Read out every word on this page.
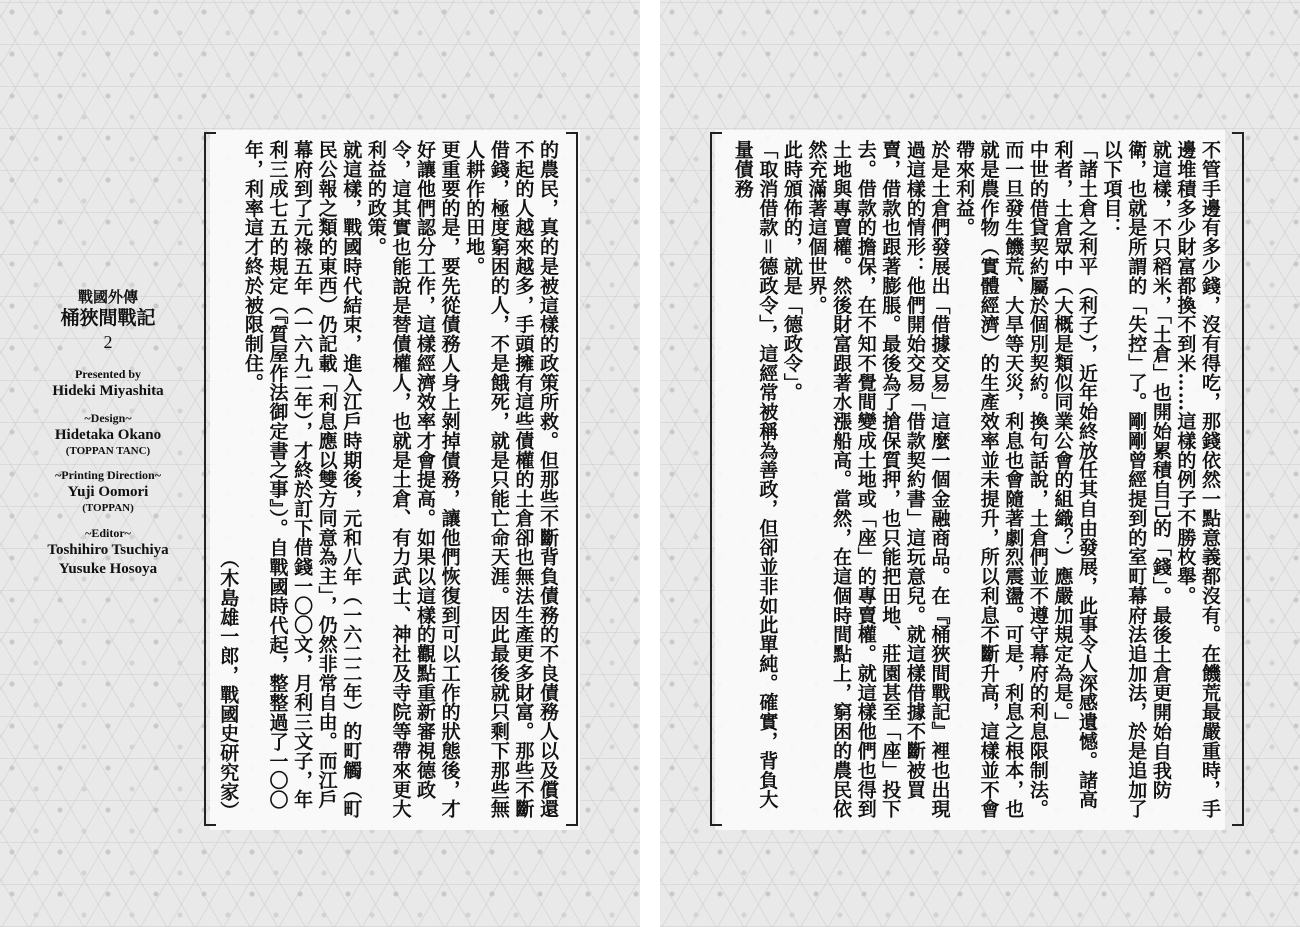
的農民，真的是被這樣的政策所救。但那些不斷背負債務的不良債務人以及償還不起的人越來越多，手頭擁有這些債權的土倉卻也無法生產更多財富。那些不斷借錢，極度窮困的人，不是餓死，就是只能亡命天涯。因此最後就只剩下那些無人耕作的田地。
更重要的是，要先從債務人身上剝掉債務，讓他們恢復到可以工作的狀態後，才好讓他們認分工作，這樣經濟效率才會提高。如果以這樣的觀點重新審視德政令，這其實也能說是替債權人，也就是土倉、有力武士、神社及寺院等帶來更大利益的政策。
就這樣，戰國時代結束，進入江戶時期後，元和八年（一六二二年）的町觸（町民公報之類的東西）仍記載「利息應以雙方同意為主」，仍然非常自由。而江戶幕府到了元祿五年（一六九二年），才終於訂下借錢一〇〇文，月利三文子，年利三成七五的規定（『質屋作法御定書之事』）。自戰國時代起，整整過了一〇〇年，利率這才終於被限制住。
（木島雄一郎，戰國史研究家）
戰國外傳
桶狹間戰記
2
Presented by
Hideki Miyashita
~Design~
Hidetaka Okano
(TOPPAN TANC)
~Printing Direction~
Yuji Oomori
(TOPPAN)
~Editor~
Toshihiro Tsuchiya
Yusuke Hosoya	不管手邊有多少錢，沒有得吃，那錢依然一點意義都沒有。在饑荒最嚴重時，手邊堆積多少財富都換不到米……這樣的例子不勝枚舉。
就這樣，不只稻米，「土倉」也開始累積自己的「錢」。最後土倉更開始自我防衛，也就是所謂的「失控」了。剛剛曾經提到的室町幕府法追加法，於是追加了以下項目：
「諸土倉之利平（利子），近年始終放任其自由發展，此事令人深感遺憾。諸高利者，土倉眾中（大概是類似同業公會的組織？）應嚴加規定為是。」
中世的借貸契約屬於個別契約。換句話說，土倉們並不遵守幕府的利息限制法。而一旦發生饑荒、大旱等天災，利息也會隨著劇烈震盪。可是，利息之根本，也就是農作物（實體經濟）的生產效率並未提升，所以利息不斷升高，這樣並不會帶來利益。
於是土倉們發展出「借據交易」這麼一個金融商品。在『桶狹間戰記』裡也出現過這樣的情形：他們開始交易「借款契約書」這玩意兒。就這樣借據不斷被買賣，借款也跟著膨脹。最後為了搶保質押，也只能把田地、莊園甚至「座」投下去。借款的擔保，在不知不覺間變成土地或「座」的專賣權。就這樣他們也得到土地與專賣權。然後財富跟著水漲船高。當然，在這個時間點上，窮困的農民依然充滿著這個世界。
此時頒佈的，就是「德政令」。
「取消借款＝德政令」，這經常被稱為善政，但卻並非如此單純。確實，背負大量債務
